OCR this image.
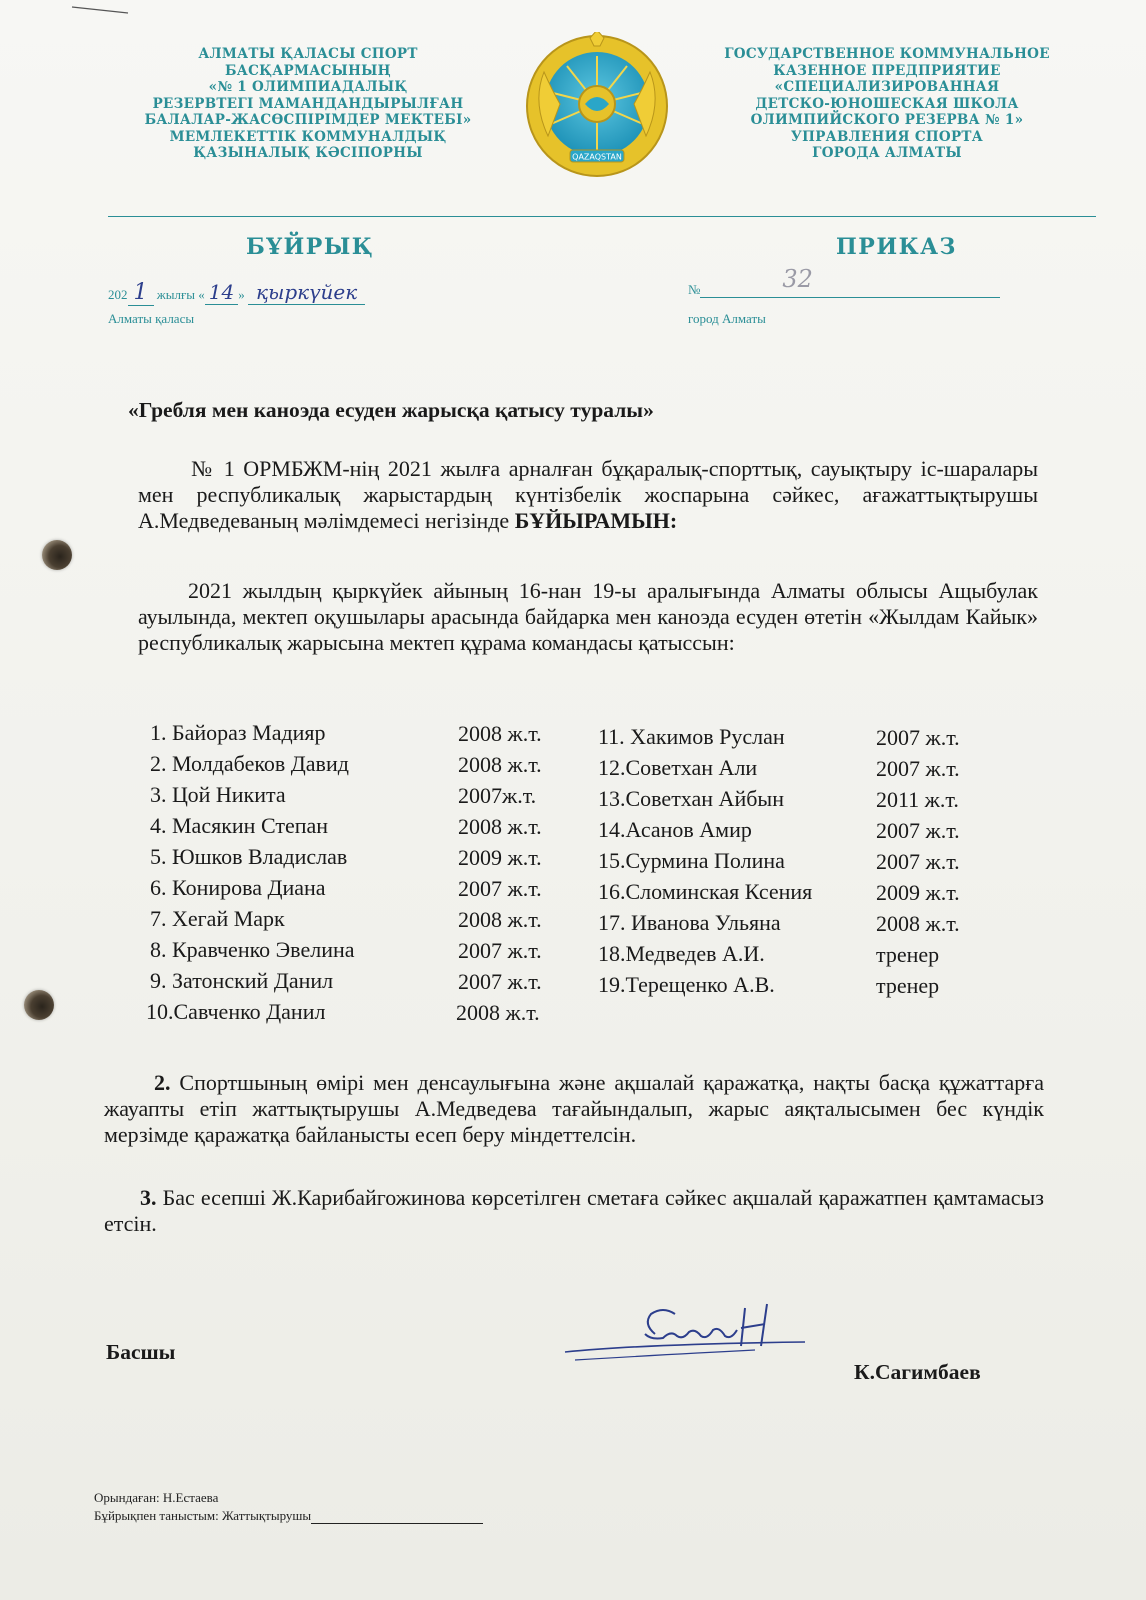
АЛМАТЫ ҚАЛАСЫ СПОРТ
БАСҚАРМАСЫНЫҢ
«№ 1 ОЛИМПИАДАЛЫҚ
РЕЗЕРВТЕГІ МАМАНДАНДЫРЫЛҒАН
БАЛАЛАР-ЖАСӨСПІРІМДЕР МЕКТЕБІ»
МЕМЛЕКЕТТІК КОММУНАЛДЫҚ
ҚАЗЫНАЛЫҚ КӘСІПОРНЫ	QAZAQSTAN
ГОСУДАРСТВЕННОЕ КОММУНАЛЬНОЕ
КАЗЕННОЕ ПРЕДПРИЯТИЕ
«СПЕЦИАЛИЗИРОВАННАЯ
ДЕТСКО-ЮНОШЕСКАЯ ШКОЛА
ОЛИМПИЙСКОГО РЕЗЕРВА № 1»
УПРАВЛЕНИЯ СПОРТА
ГОРОДА АЛМАТЫ
БҰЙРЫҚ	ПРИКАЗ
202 1 жылғы « 14 » қыркүйек
Алматы қаласы
№	32
город Алматы
«Гребля мен каноэда есуден жарысқа қатысу туралы»
№ 1 ОРМБЖМ-нің 2021 жылға арналған бұқаралық-спорттық, сауықтыру іс-шаралары мен республикалық жарыстардың күнтізбелік жоспарына сәйкес, ағажаттықтырушы А.Медведеваның мәлімдемесі негізінде БҰЙЫРАМЫН:
2021 жылдың қыркүйек айының 16-нан 19-ы аралығында Алматы облысы Ащыбулак ауылында, мектеп оқушылары арасында байдарка мен каноэда есуден өтетін «Жылдам Кайык» республикалық жарысына мектеп құрама командасы қатыссын:
1. Байораз Мадияр	2008 ж.т.
2. Молдабеков Давид	2008 ж.т.
3. Цой Никита	2007ж.т.
4. Масякин Степан	2008 ж.т.
5. Юшков Владислав	2009 ж.т.
6. Конирова Диана	2007 ж.т.
7. Хегай Марк	2008 ж.т.
8. Кравченко Эвелина	2007 ж.т.
9. Затонский Данил	2007 ж.т.
10.Савченко Данил	2008 ж.т.
11. Хакимов Руслан	2007 ж.т.
12.Советхан Али	2007 ж.т.
13.Советхан Айбын	2011 ж.т.
14.Асанов Амир	2007 ж.т.
15.Сурмина Полина	2007 ж.т.
16.Сломинская Ксения	2009 ж.т.
17. Иванова Ульяна	2008 ж.т.
18.Медведев А.И.	тренер
19.Терещенко А.В.	тренер
2. Спортшының өмірі мен денсаулығына және ақшалай қаражатқа, нақты басқа құжаттарға жауапты етіп жаттықтырушы А.Медведева тағайындалып, жарыс аяқталысымен бес күндік мерзімде қаражатқа байланысты есеп беру міндеттелсін.
3. Бас есепші Ж.Карибайгожинова көрсетілген сметаға сәйкес ақшалай қаражатпен қамтамасыз етсін.
Басшы
К.Сагимбаев
Орындаған: Н.Естаева
Бұйрықпен таныстым: Жаттықтырушы
